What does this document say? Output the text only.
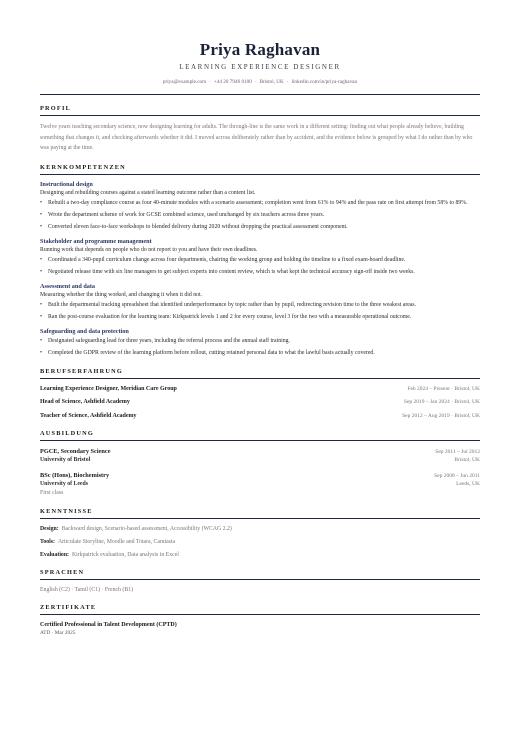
Priya Raghavan
LEARNING EXPERIENCE DESIGNER
priya@example.com · +44 20 7946 0100 · Bristol, UK · linkedin.com/in/priya-raghavan
PROFIL
Twelve years teaching secondary science, now designing learning for adults. The through-line is the same work in a different setting: finding out what people already believe, building something that changes it, and checking afterwards whether it did. I moved across deliberately rather than by accident, and the evidence below is grouped by what I do rather than by who was paying at the time.
KERNKOMPETENZEN
Instructional design
Designing and rebuilding courses against a stated learning outcome rather than a content list.
• Rebuilt a two-day compliance course as four 40-minute modules with a scenario assessment; completion went from 61% to 94% and the pass rate on first attempt from 58% to 89%.
• Wrote the department scheme of work for GCSE combined science, used unchanged by six teachers across three years.
• Converted eleven face-to-face workshops to blended delivery during 2020 without dropping the practical assessment component.
Stakeholder and programme management
Running work that depends on people who do not report to you and have their own deadlines.
• Coordinated a 340-pupil curriculum change across four departments, chairing the working group and holding the timeline to a fixed exam-board deadline.
• Negotiated release time with six line managers to get subject experts into content review, which is what kept the technical accuracy sign-off inside two weeks.
Assessment and data
Measuring whether the thing worked, and changing it when it did not.
• Built the departmental tracking spreadsheet that identified underperformance by topic rather than by pupil, redirecting revision time to the three weakest areas.
• Ran the post-course evaluation for the learning team: Kirkpatrick levels 1 and 2 for every course, level 3 for the two with a measurable operational outcome.
Safeguarding and data protection
• Designated safeguarding lead for three years, including the referral process and the annual staff training.
• Completed the GDPR review of the learning platform before rollout, cutting retained personal data to what the lawful basis actually covered.
BERUFSERFAHRUNG
Learning Experience Designer, Meridian Care Group	Feb 2024 – Present · Bristol, UK
Head of Science, Ashfield Academy	Sep 2019 – Jan 2024 · Bristol, UK
Teacher of Science, Ashfield Academy	Sep 2012 – Aug 2019 · Bristol, UK
AUSBILDUNG
PGCE, Secondary Science	Sep 2011 – Jul 2012
University of Bristol	Bristol, UK
BSc (Hons), Biochemistry	Sep 2008 – Jun 2011
University of Leeds	Leeds, UK
First class
KENNTNISSE
Design: Backward design, Scenario-based assessment, Accessibility (WCAG 2.2)
Tools: Articulate Storyline, Moodle and Totara, Camtasia
Evaluation: Kirkpatrick evaluation, Data analysis in Excel
SPRACHEN
English (C2) · Tamil (C1) · French (B1)
ZERTIFIKATE
Certified Professional in Talent Development (CPTD)
ATD · Mar 2025
